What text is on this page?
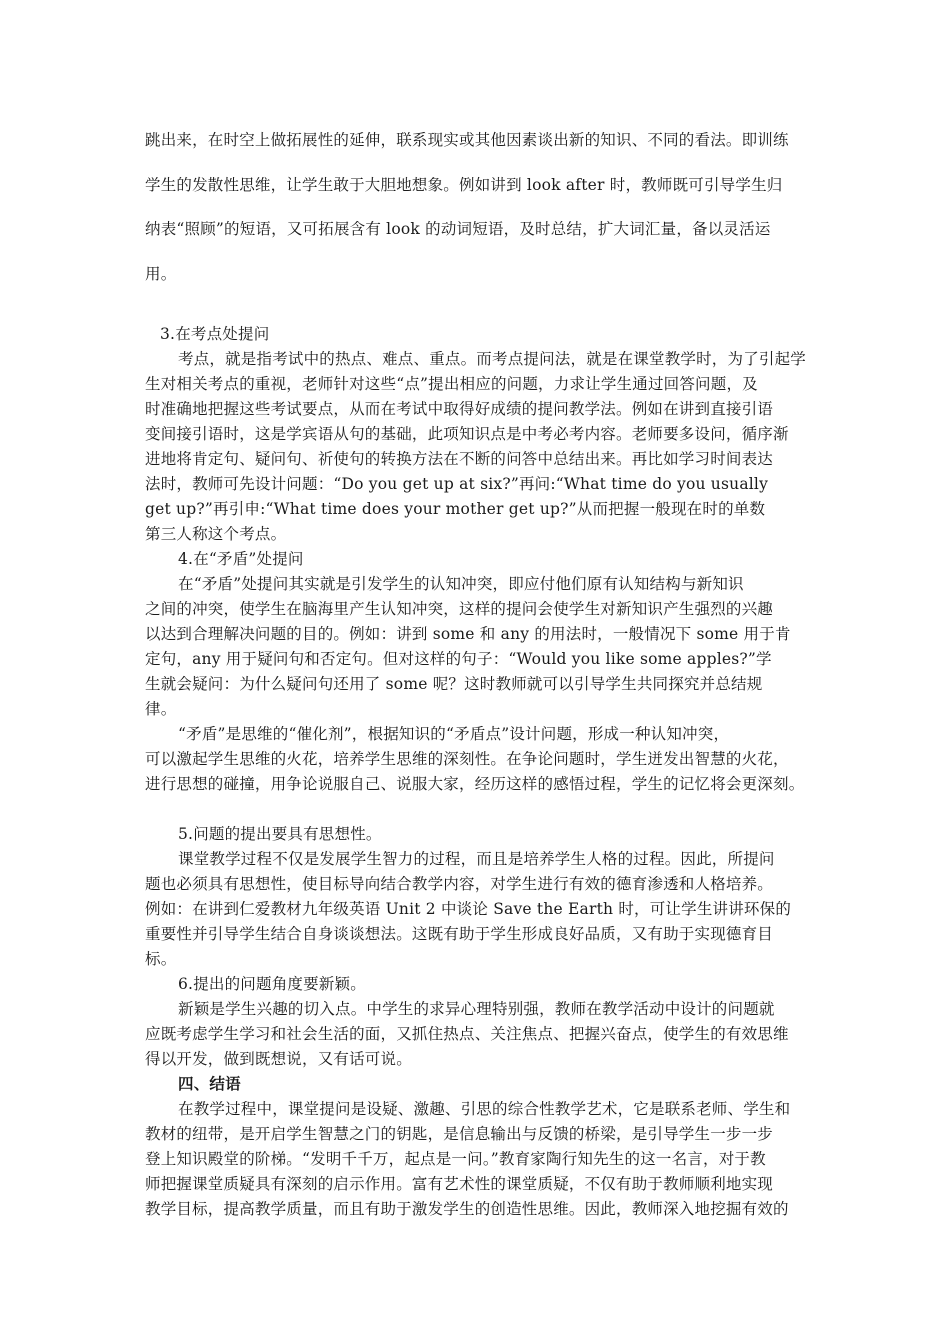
跳出来，在时空上做拓展性的延伸，联系现实或其他因素谈出新的知识、不同的看法。即训练
学生的发散性思维，让学生敢于大胆地想象。例如讲到 look after 时，教师既可引导学生归
纳表“照顾”的短语，又可拓展含有 look 的动词短语，及时总结，扩大词汇量，备以灵活运
用。
3.在考点处提问
考点，就是指考试中的热点、难点、重点。而考点提问法，就是在课堂教学时，为了引起学
生对相关考点的重视，老师针对这些“点”提出相应的问题，力求让学生通过回答问题，及
时准确地把握这些考试要点，从而在考试中取得好成绩的提问教学法。例如在讲到直接引语
变间接引语时，这是学宾语从句的基础，此项知识点是中考必考内容。老师要多设问，循序渐
进地将肯定句、疑问句、祈使句的转换方法在不断的问答中总结出来。再比如学习时间表达
法时，教师可先设计问题：“Do you get up at six?”再问:“What time do you usually
get up?”再引申:“What time does your mother get up?”从而把握一般现在时的单数
第三人称这个考点。
4.在“矛盾”处提问
在“矛盾”处提问其实就是引发学生的认知冲突，即应付他们原有认知结构与新知识
之间的冲突，使学生在脑海里产生认知冲突，这样的提问会使学生对新知识产生强烈的兴趣
以达到合理解决问题的目的。例如：讲到 some 和 any 的用法时，一般情况下 some 用于肯
定句，any 用于疑问句和否定句。但对这样的句子：“Would you like some apples?”学
生就会疑问：为什么疑问句还用了 some 呢？这时教师就可以引导学生共同探究并总结规
律。
“矛盾”是思维的“催化剂”，根据知识的“矛盾点”设计问题，形成一种认知冲突，
可以激起学生思维的火花，培养学生思维的深刻性。在争论问题时，学生迸发出智慧的火花，
进行思想的碰撞，用争论说服自己、说服大家，经历这样的感悟过程，学生的记忆将会更深刻。
5.问题的提出要具有思想性。
课堂教学过程不仅是发展学生智力的过程，而且是培养学生人格的过程。因此，所提问
题也必须具有思想性，使目标导向结合教学内容，对学生进行有效的德育渗透和人格培养。
例如：在讲到仁爱教材九年级英语 Unit 2 中谈论 Save the Earth 时，可让学生讲讲环保的
重要性并引导学生结合自身谈谈想法。这既有助于学生形成良好品质，又有助于实现德育目
标。
6.提出的问题角度要新颖。
新颖是学生兴趣的切入点。中学生的求异心理特别强，教师在教学活动中设计的问题就
应既考虑学生学习和社会生活的面，又抓住热点、关注焦点、把握兴奋点，使学生的有效思维
得以开发，做到既想说，又有话可说。
四、结语
在教学过程中，课堂提问是设疑、激趣、引思的综合性教学艺术，它是联系老师、学生和
教材的纽带，是开启学生智慧之门的钥匙，是信息输出与反馈的桥梁，是引导学生一步一步
登上知识殿堂的阶梯。“发明千千万，起点是一问。”教育家陶行知先生的这一名言，对于教
师把握课堂质疑具有深刻的启示作用。富有艺术性的课堂质疑，不仅有助于教师顺利地实现
教学目标，提高教学质量，而且有助于激发学生的创造性思维。因此，教师深入地挖掘有效的
